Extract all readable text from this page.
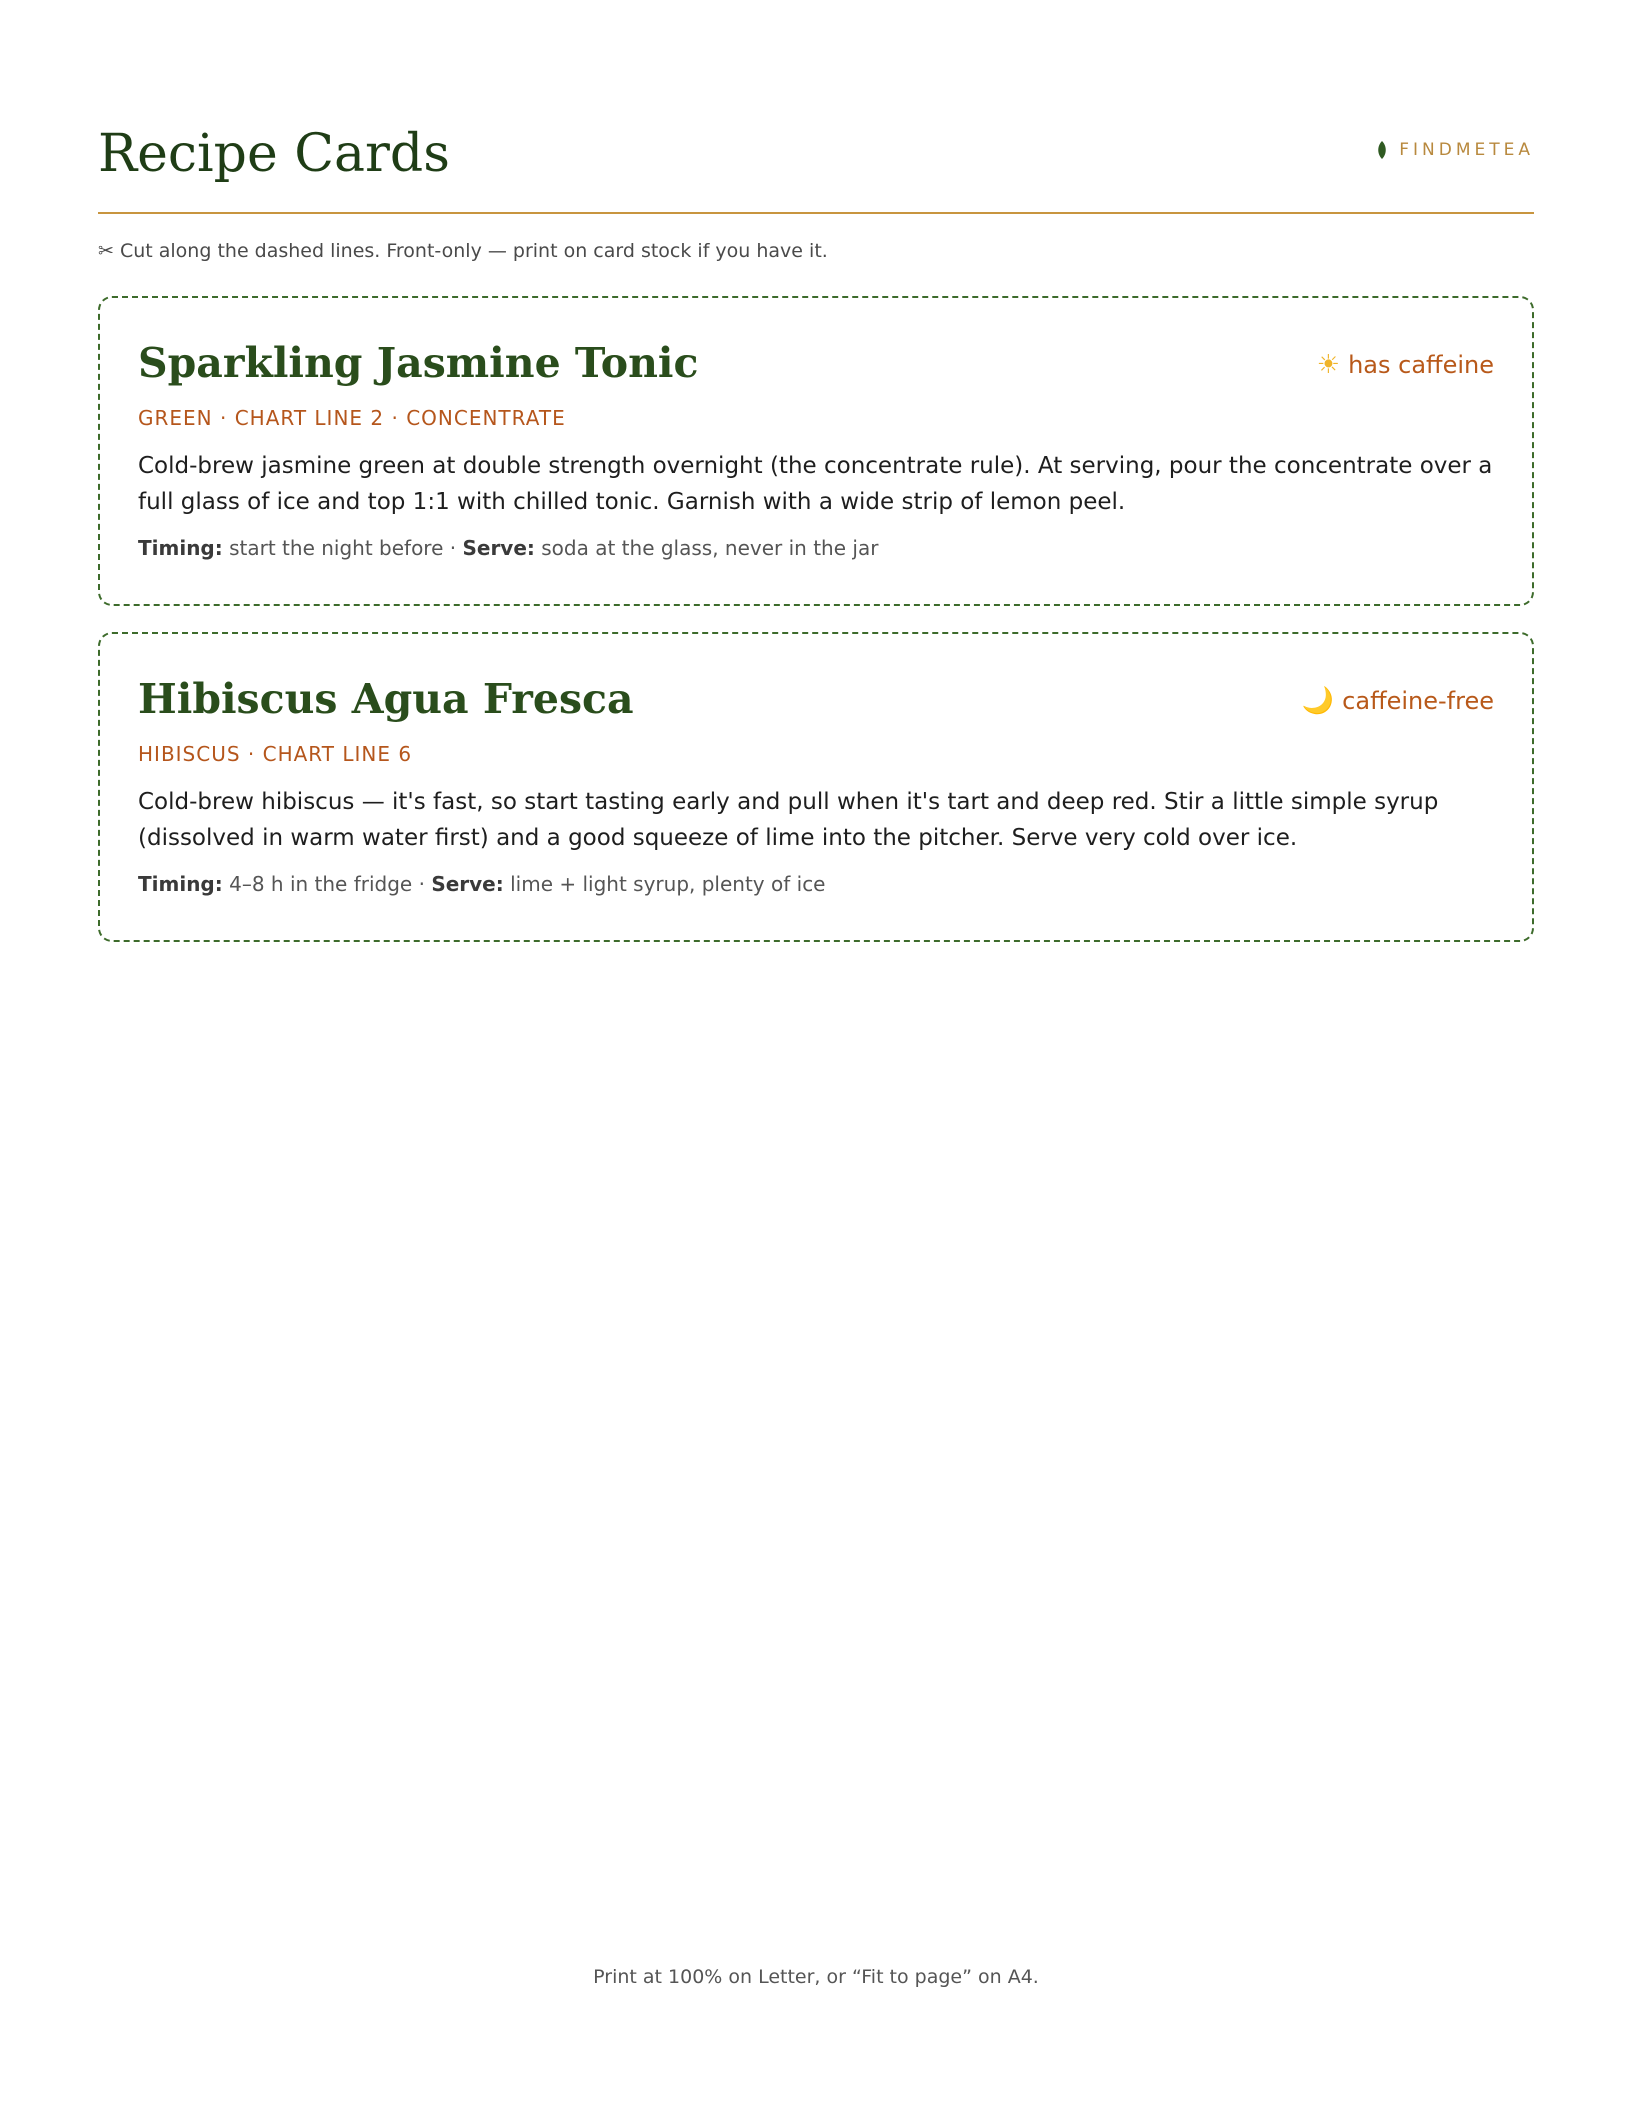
Recipe Cards	FINDMETEA
✂ Cut along the dashed lines. Front-only — print on card stock if you have it.
Sparkling Jasmine Tonic	☀ has caffeine
GREEN · CHART LINE 2 · CONCENTRATE
Cold-brew jasmine green at double strength overnight (the concentrate rule). At serving, pour the concentrate over a full glass of ice and top 1:1 with chilled tonic. Garnish with a wide strip of lemon peel.
Timing: start the night before · Serve: soda at the glass, never in the jar
Hibiscus Agua Fresca	🌙 caffeine-free
HIBISCUS · CHART LINE 6
Cold-brew hibiscus — it's fast, so start tasting early and pull when it's tart and deep red. Stir a little simple syrup (dissolved in warm water first) and a good squeeze of lime into the pitcher. Serve very cold over ice.
Timing: 4–8 h in the fridge · Serve: lime + light syrup, plenty of ice
Print at 100% on Letter, or “Fit to page” on A4.
